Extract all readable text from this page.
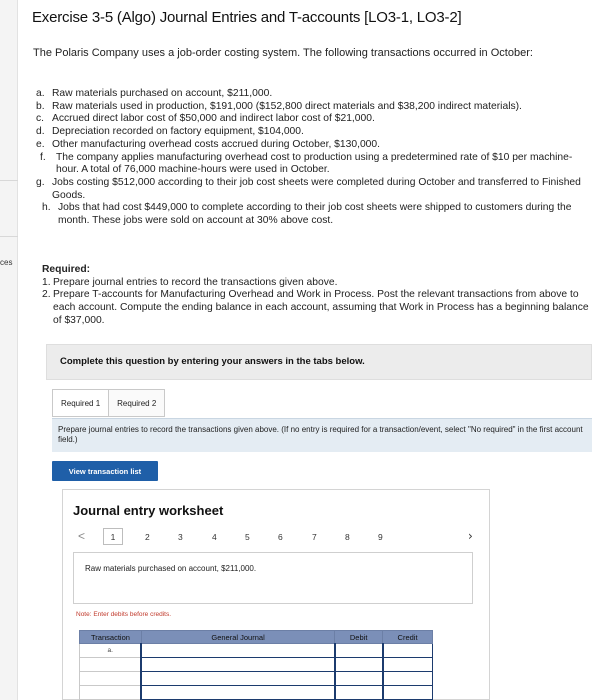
ces
Exercise 3-5 (Algo) Journal Entries and T-accounts [LO3-1, LO3-2]

The Polaris Company uses a job-order costing system. The following transactions occurred in October:

a. Raw materials purchased on account, $211,000.
b. Raw materials used in production, $191,000 ($152,800 direct materials and $38,200 indirect materials).
c. Accrued direct labor cost of $50,000 and indirect labor cost of $21,000.
d. Depreciation recorded on factory equipment, $104,000.
e. Other manufacturing overhead costs accrued during October, $130,000.
f. The company applies manufacturing overhead cost to production using a predetermined rate of $10 per machine-hour. A total of 76,000 machine-hours were used in October.
g. Jobs costing $512,000 according to their job cost sheets were completed during October and transferred to Finished Goods.
h. Jobs that had cost $449,000 to complete according to their job cost sheets were shipped to customers during the month. These jobs were sold on account at 30% above cost.
Required:
1. Prepare journal entries to record the transactions given above.
2. Prepare T-accounts for Manufacturing Overhead and Work in Process. Post the relevant transactions from above to each account. Compute the ending balance in each account, assuming that Work in Process has a beginning balance of $37,000.
Complete this question by entering your answers in the tabs below.
Required 1	Required 2
Prepare journal entries to record the transactions given above. (If no entry is required for a transaction/event, select "No required" in the first account field.)
View transaction list
Journal entry worksheet
<	1	2	3	4	5	6	7	8	9	›
Raw materials purchased on account, $211,000.
Note: Enter debits before credits.
Transaction	General Journal	Debit	Credit
a.			
